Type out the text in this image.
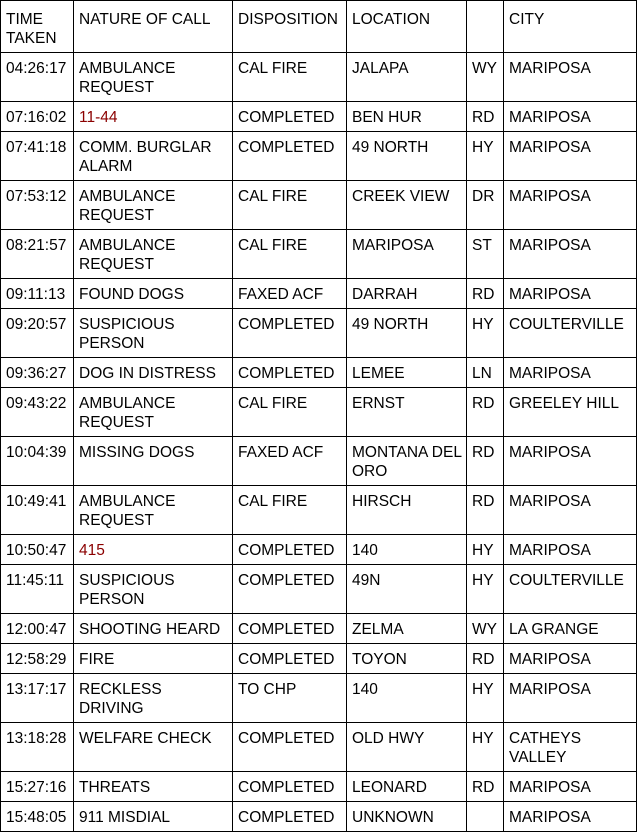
TIME TAKEN	NATURE OF CALL	DISPOSITION	LOCATION		CITY
04:26:17	AMBULANCE REQUEST	CAL FIRE	JALAPA	WY	MARIPOSA
07:16:02	11-44	COMPLETED	BEN HUR	RD	MARIPOSA
07:41:18	COMM. BURGLAR ALARM	COMPLETED	49 NORTH	HY	MARIPOSA
07:53:12	AMBULANCE REQUEST	CAL FIRE	CREEK VIEW	DR	MARIPOSA
08:21:57	AMBULANCE REQUEST	CAL FIRE	MARIPOSA	ST	MARIPOSA
09:11:13	FOUND DOGS	FAXED ACF	DARRAH	RD	MARIPOSA
09:20:57	SUSPICIOUS PERSON	COMPLETED	49 NORTH	HY	COULTERVILLE
09:36:27	DOG IN DISTRESS	COMPLETED	LEMEE	LN	MARIPOSA
09:43:22	AMBULANCE REQUEST	CAL FIRE	ERNST	RD	GREELEY HILL
10:04:39	MISSING DOGS	FAXED ACF	MONTANA DEL ORO	RD	MARIPOSA
10:49:41	AMBULANCE REQUEST	CAL FIRE	HIRSCH	RD	MARIPOSA
10:50:47	415	COMPLETED	140	HY	MARIPOSA
11:45:11	SUSPICIOUS PERSON	COMPLETED	49N	HY	COULTERVILLE
12:00:47	SHOOTING HEARD	COMPLETED	ZELMA	WY	LA GRANGE
12:58:29	FIRE	COMPLETED	TOYON	RD	MARIPOSA
13:17:17	RECKLESS DRIVING	TO CHP	140	HY	MARIPOSA
13:18:28	WELFARE CHECK	COMPLETED	OLD HWY	HY	CATHEYS VALLEY
15:27:16	THREATS	COMPLETED	LEONARD	RD	MARIPOSA
15:48:05	911 MISDIAL	COMPLETED	UNKNOWN		MARIPOSA
